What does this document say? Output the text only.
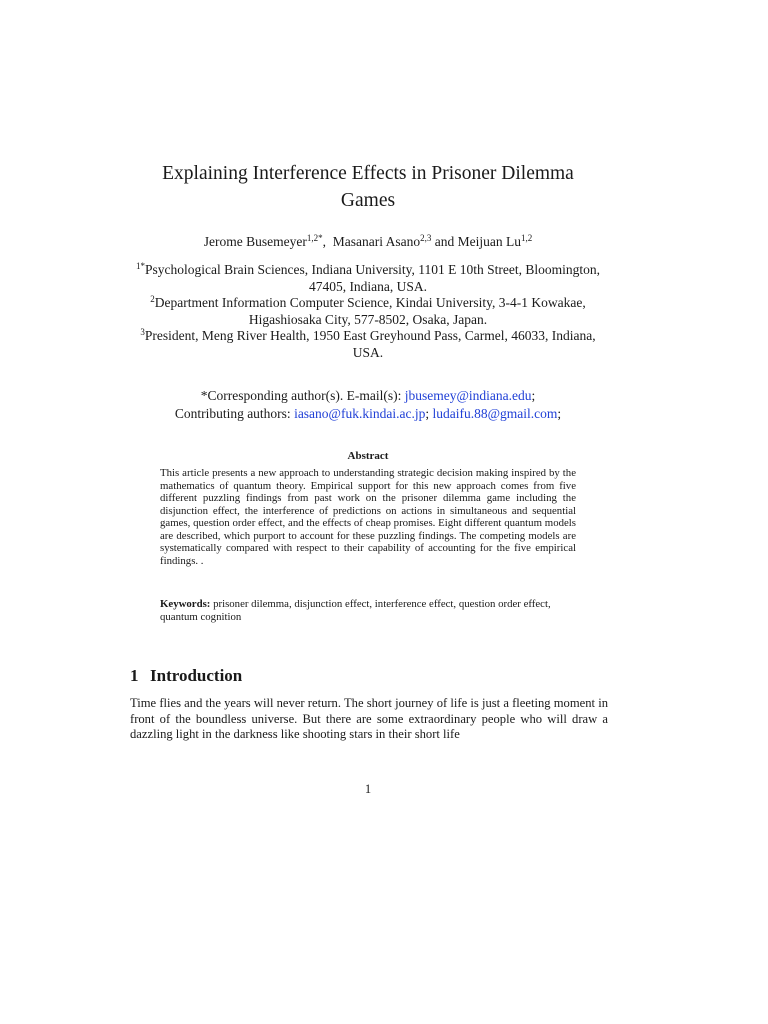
Explaining Interference Effects in Prisoner Dilemma Games
Jerome Busemeyer$^{1,2*}$,  Masanari Asano$^{2,3}$ and Meijuan Lu$^{1,2}$

$^{1*}$Psychological Brain Sciences, Indiana University, 1101 E 10th Street, Bloomington, 47405, Indiana, USA.

$^2$Department Information Computer Science, Kindai University, 3-4-1 Kowakae, Higashiosaka City, 577-8502, Osaka, Japan.

$^3$President, Meng River Health, 1950 East Greyhound Pass, Carmel, 46033, Indiana, USA.

*Corresponding author(s). E-mail(s): jbusemey@indiana.edu;

Contributing authors: iasano@fuk.kindai.ac.jp; ludaifu.88@gmail.com;

Abstract
This article presents a new approach to understanding strategic decision making inspired by the mathematics of quantum theory. Empirical support for this new approach comes from five different puzzling findings from past work on the prisoner dilemma game including the disjunction effect, the interference of predictions on actions in simultaneous and sequential games, question order effect, and the effects of cheap promises. Eight different quantum models are described, which purport to account for these puzzling findings. The competing models are systematically compared with respect to their capability of accounting for the five empirical findings. .
Keywords: prisoner dilemma, disjunction effect, interference effect, question order effect, quantum cognition
1 Introduction
Time flies and the years will never return. The short journey of life is just a fleeting moment in front of the boundless universe. But there are some extraordinary people who will draw a dazzling light in the darkness like shooting stars in their short life
1
